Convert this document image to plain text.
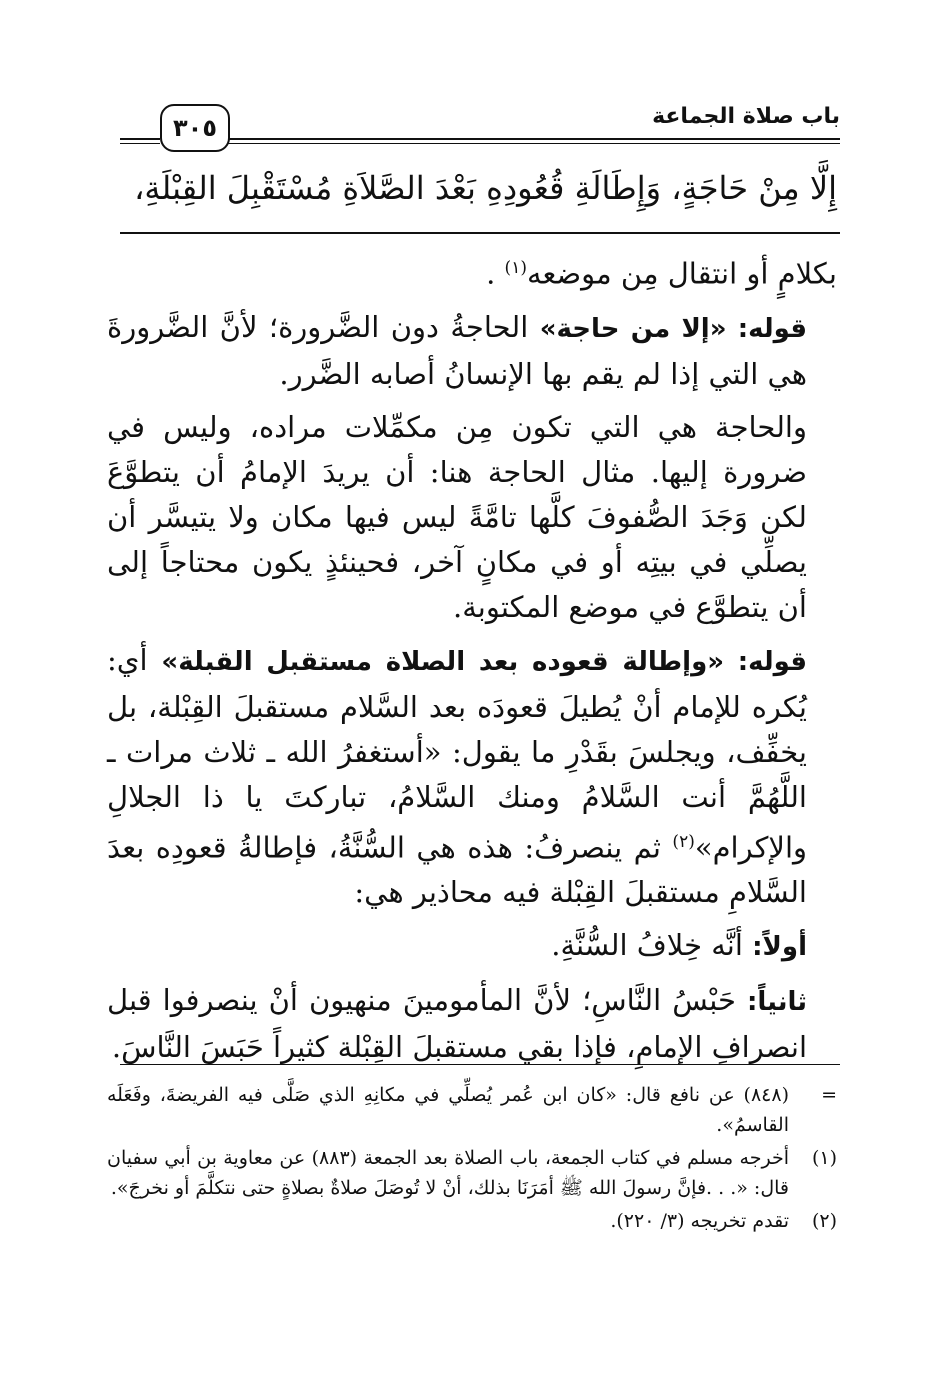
باب صلاة الجماعة
٣٠٥

إِلَّا مِنْ حَاجَةٍ، وَإِطَالَةِ قُعُودِهِ بَعْدَ الصَّلاَةِ مُسْتَقْبِلَ القِبْلَةِ،

بكلامٍ أو انتقال مِن موضعه$^{(١)}$ .

قوله: «إلا من حاجة» الحاجةُ دون الضَّرورة؛ لأنَّ الضَّرورةَ هي التي إذا لم يقم بها الإنسانُ أصابه الضَّرر.

والحاجة هي التي تكون مِن مكمِّلات مراده، وليس في ضرورة إليها. مثال الحاجة هنا: أن يريدَ الإمامُ أن يتطوَّعَ لكن وَجَدَ الصُّفوفَ كلَّها تامَّةً ليس فيها مكان ولا يتيسَّر أن يصلِّي في بيتِه أو في مكانٍ آخر، فحينئذٍ يكون محتاجاً إلى أن يتطوَّع في موضع المكتوبة.

قوله: «وإطالة قعوده بعد الصلاة مستقبل القبلة» أي: يُكره للإمام أنْ يُطيلَ قعودَه بعد السَّلام مستقبلَ القِبْلة، بل يخفِّف، ويجلسَ بقَدْرِ ما يقول: «أستغفرُ الله ـ ثلاث مرات ـ اللَّهُمَّ أنت السَّلامُ ومنك السَّلامُ، تباركتَ يا ذا الجلالِ والإكرام»$^{(٢)}$ ثم ينصرفُ: هذه هي السُّنَّةُ، فإطالةُ قعودِه بعدَ السَّلامِ مستقبلَ القِبْلة فيه محاذير هي:

أولاً: أنَّه خِلافُ السُّنَّةِ.

ثانياً: حَبْسُ النَّاسِ؛ لأنَّ المأمومينَ منهيون أنْ ينصرفوا قبل انصرافِ الإمامِ، فإذا بقي مستقبلَ القِبْلة كثيراً حَبَسَ النَّاسَ.

=
(٨٤٨) عن نافع قال: «كان ابن عُمر يُصلِّي في مكانِهِ الذي صَلَّى فيه الفريضةَ، وفَعَلَه القاسمُ».
(١)
أخرجه مسلم في كتاب الجمعة، باب الصلاة بعد الجمعة (٨٨٣) عن معاوية بن أبي سفيان قال: «. . .فإنَّ رسولَ الله ﷺ أمَرَنَا بذلك، أنْ لا تُوصَلَ صلاةٌ بصلاةٍ حتى نتكلَّمَ أو نخرجَ».
(٢)
تقدم تخريجه (٣/ ٢٢٠).
